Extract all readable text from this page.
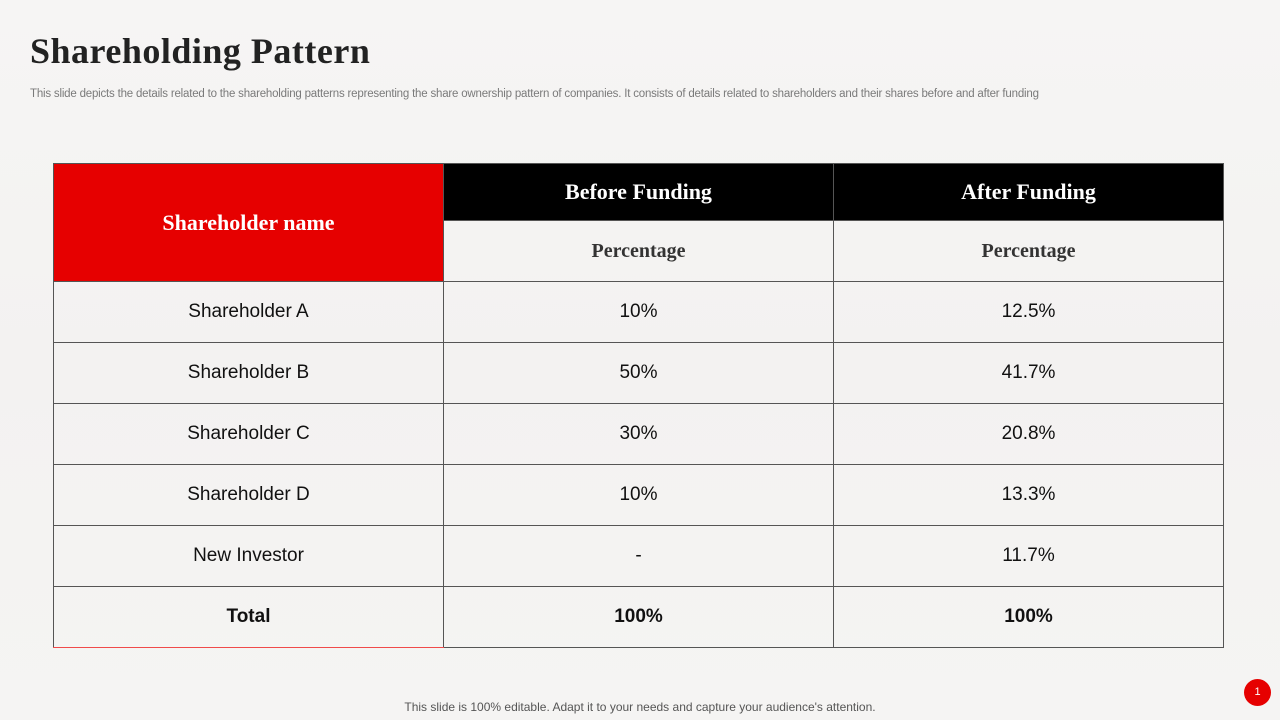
Shareholding Pattern

This slide depicts the details related to the shareholding patterns representing the share ownership pattern of companies. It consists of details related to shareholders and their shares before and after funding

Shareholder name	Before Funding	After Funding
	Percentage	Percentage
Shareholder A	10%	12.5%
Shareholder B	50%	41.7%
Shareholder C	30%	20.8%
Shareholder D	10%	13.3%
New Investor	-	11.7%
Total	100%	100%

This slide is 100% editable. Adapt it to your needs and capture your audience's attention.

1
